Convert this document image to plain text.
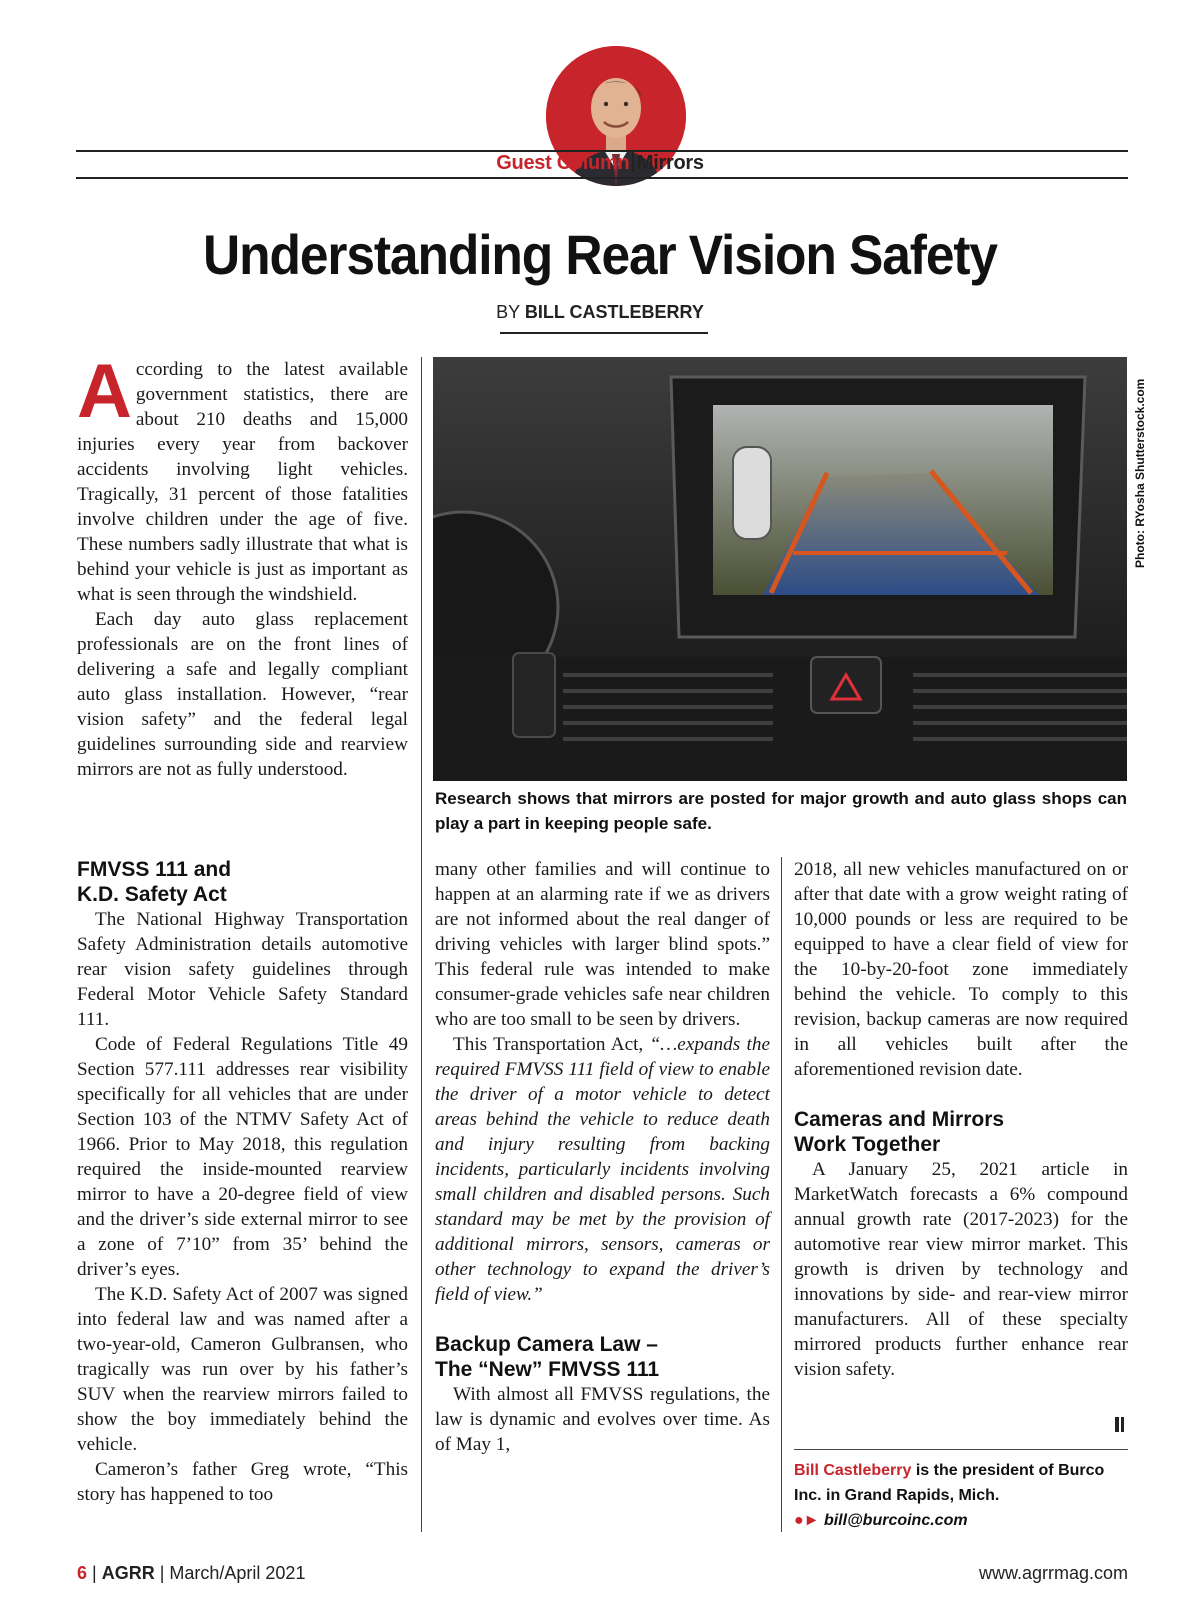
Guest Column Mirrors
Understanding Rear Vision Safety
BY BILL CASTLEBERRY

According to the latest available government statistics, there are about 210 deaths and 15,000 injuries every year from backover accidents involving light vehicles. Tragically, 31 percent of those fatalities involve children under the age of five. These numbers sadly illustrate that what is behind your vehicle is just as important as what is seen through the windshield.

Each day auto glass replacement professionals are on the front lines of delivering a safe and legally compliant auto glass installation. However, “rear vision safety” and the federal legal guidelines surrounding side and rearview mirrors are not as fully understood.

FMVSS 111 and
K.D. Safety Act

The National Highway Transportation Safety Administration details automotive rear vision safety guidelines through Federal Motor Vehicle Safety Standard 111.

Code of Federal Regulations Title 49 Section 577.111 addresses rear visibility specifically for all vehicles that are under Section 103 of the NTMV Safety Act of 1966. Prior to May 2018, this regulation required the inside-mounted rearview mirror to have a 20-degree field of view and the driver’s side external mirror to see a zone of 7’10” from 35’ behind the driver’s eyes.

The K.D. Safety Act of 2007 was signed into federal law and was named after a two-year-old, Cameron Gulbransen, who tragically was run over by his father’s SUV when the rearview mirrors failed to show the boy immediately behind the vehicle.

Cameron’s father Greg wrote, “This story has happened to too

Photo: RYosha Shutterstock.com
Research shows that mirrors are posted for major growth and auto glass shops can play a part in keeping people safe.

many other families and will continue to happen at an alarming rate if we as drivers are not informed about the real danger of driving vehicles with larger blind spots.” This federal rule was intended to make consumer-grade vehicles safe near children who are too small to be seen by drivers.

This Transportation Act, “…expands the required FMVSS 111 field of view to enable the driver of a motor vehicle to detect areas behind the vehicle to reduce death and injury resulting from backing incidents, particularly incidents involving small children and disabled persons. Such standard may be met by the provision of additional mirrors, sensors, cameras or other technology to expand the driver’s field of view.”

Backup Camera Law –
The “New” FMVSS 111

With almost all FMVSS regulations, the law is dynamic and evolves over time. As of May 1,

2018, all new vehicles manufactured on or after that date with a grow weight rating of 10,000 pounds or less are required to be equipped to have a clear field of view for the 10-by-20-foot zone immediately behind the vehicle. To comply to this revision, backup cameras are now required in all vehicles built after the aforementioned revision date.

Cameras and Mirrors
Work Together

A January 25, 2021 article in MarketWatch forecasts a 6% compound annual growth rate (2017-2023) for the automotive rear view mirror market. This growth is driven by technology and innovations by side- and rear-view mirror manufacturers. All of these specialty mirrored products further enhance rear vision safety.

Bill Castleberry is the president of Burco Inc. in Grand Rapids, Mich.
●► bill@burcoinc.com
6 | AGRR | March/April 2021	www.agrrmag.com
